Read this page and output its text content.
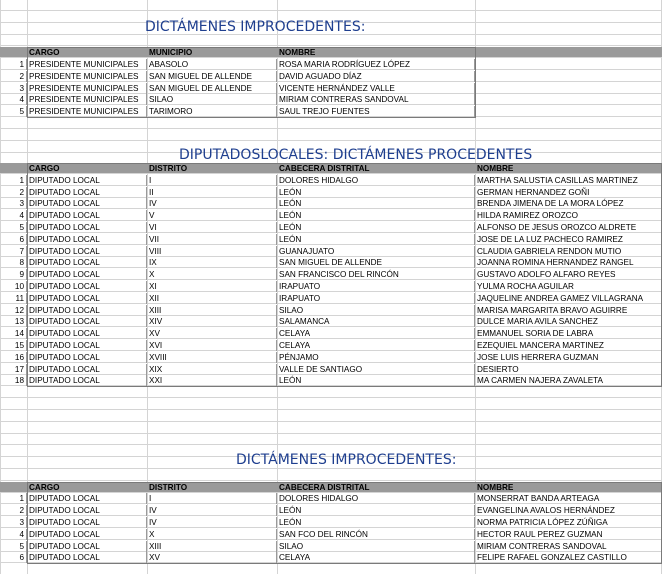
CARGO	MUNICIPIO	NOMBRE
1 PRESIDENTE MUNICIPALES	ABASOLO	ROSA MARIA RODRÍGUEZ LÓPEZ
2 PRESIDENTE MUNICIPALES	SAN MIGUEL DE ALLENDE	DAVID AGUADO DÍAZ
3 PRESIDENTE MUNICIPALES	SAN MIGUEL DE ALLENDE	VICENTE HERNÁNDEZ VALLE
4 PRESIDENTE MUNICIPALES	SILAO	MIRIAM CONTRERAS SANDOVAL
5 PRESIDENTE MUNICIPALES	TARIMORO	SAUL TREJO FUENTES
CARGO	DISTRITO	CABECERA DISTRITAL	NOMBRE
1 DIPUTADO LOCAL	I	DOLORES HIDALGO	MARTHA SALUSTIA CASILLAS MARTINEZ
2 DIPUTADO LOCAL	II	LEÓN	GERMAN HERNANDEZ GOÑI
3 DIPUTADO LOCAL	IV	LEÓN	BRENDA JIMENA DE LA MORA LÓPEZ
4 DIPUTADO LOCAL	V	LEÓN	HILDA RAMIREZ OROZCO
5 DIPUTADO LOCAL	VI	LEÓN	ALFONSO DE JESUS OROZCO ALDRETE
6 DIPUTADO LOCAL	VII	LEÓN	JOSE DE LA LUZ PACHECO RAMIREZ
7 DIPUTADO LOCAL	VIII	GUANAJUATO	CLAUDIA GABRIELA RENDON MUTIO
8 DIPUTADO LOCAL	IX	SAN MIGUEL DE ALLENDE	JOANNA ROMINA HERNANDEZ RANGEL
9 DIPUTADO LOCAL	X	SAN FRANCISCO DEL RINCÓN	GUSTAVO ADOLFO ALFARO REYES
10 DIPUTADO LOCAL	XI	IRAPUATO	YULMA ROCHA AGUILAR
11 DIPUTADO LOCAL	XII	IRAPUATO	JAQUELINE ANDREA GAMEZ VILLAGRANA
12 DIPUTADO LOCAL	XIII	SILAO	MARISA MARGARITA BRAVO AGUIRRE
13 DIPUTADO LOCAL	XIV	SALAMANCA	DULCE MARIA AVILA SANCHEZ
14 DIPUTADO LOCAL	XV	CELAYA	EMMANUEL SORIA DE LABRA
15 DIPUTADO LOCAL	XVI	CELAYA	EZEQUIEL MANCERA MARTINEZ
16 DIPUTADO LOCAL	XVIII	PÉNJAMO	JOSE LUIS HERRERA GUZMAN
17 DIPUTADO LOCAL	XIX	VALLE DE SANTIAGO	DESIERTO
18 DIPUTADO LOCAL	XXI	LEÓN	MA CARMEN NAJERA ZAVALETA
CARGO	DISTRITO	CABECERA DISTRITAL	NOMBRE
1 DIPUTADO LOCAL	I	DOLORES HIDALGO	MONSERRAT BANDA ARTEAGA
2 DIPUTADO LOCAL	IV	LEÓN	EVANGELINA AVALOS HERNÁNDEZ
3 DIPUTADO LOCAL	IV	LEÓN	NORMA PATRICIA LÓPEZ ZÚÑIGA
4 DIPUTADO LOCAL	X	SAN FCO DEL RINCÓN	HECTOR RAUL PEREZ GUZMAN
5 DIPUTADO LOCAL	XIII	SILAO	MIRIAM CONTRERAS SANDOVAL
6 DIPUTADO LOCAL	XV	CELAYA	FELIPE RAFAEL GONZALEZ CASTILLO
DICTÁMENES IMPROCEDENTES:
DIPUTADOSLOCALES: DICTÁMENES PROCEDENTES
DICTÁMENES IMPROCEDENTES:
